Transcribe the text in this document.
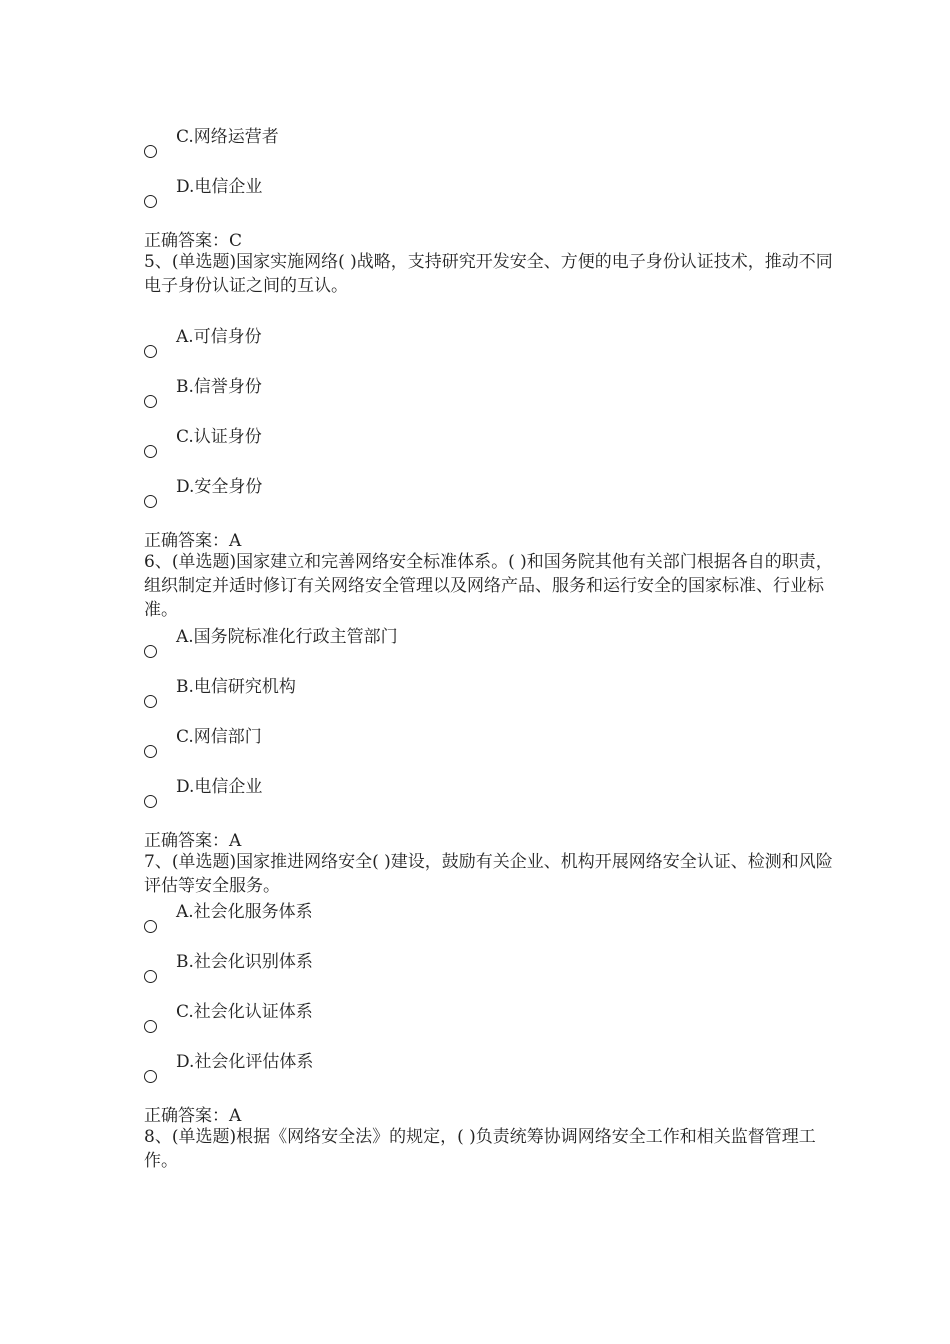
C.网络运营者
D.电信企业
正确答案：C
5、(单选题)国家实施网络( )战略，支持研究开发安全、方便的电子身份认证技术，推动不同电子身份认证之间的互认。
A.可信身份
B.信誉身份
C.认证身份
D.安全身份
正确答案：A
6、(单选题)国家建立和完善网络安全标准体系。( )和国务院其他有关部门根据各自的职责，组织制定并适时修订有关网络安全管理以及网络产品、服务和运行安全的国家标准、行业标准。
A.国务院标准化行政主管部门
B.电信研究机构
C.网信部门
D.电信企业
正确答案：A
7、(单选题)国家推进网络安全( )建设，鼓励有关企业、机构开展网络安全认证、检测和风险评估等安全服务。
A.社会化服务体系
B.社会化识别体系
C.社会化认证体系
D.社会化评估体系
正确答案：A
8、(单选题)根据《网络安全法》的规定，( )负责统筹协调网络安全工作和相关监督管理工作。
